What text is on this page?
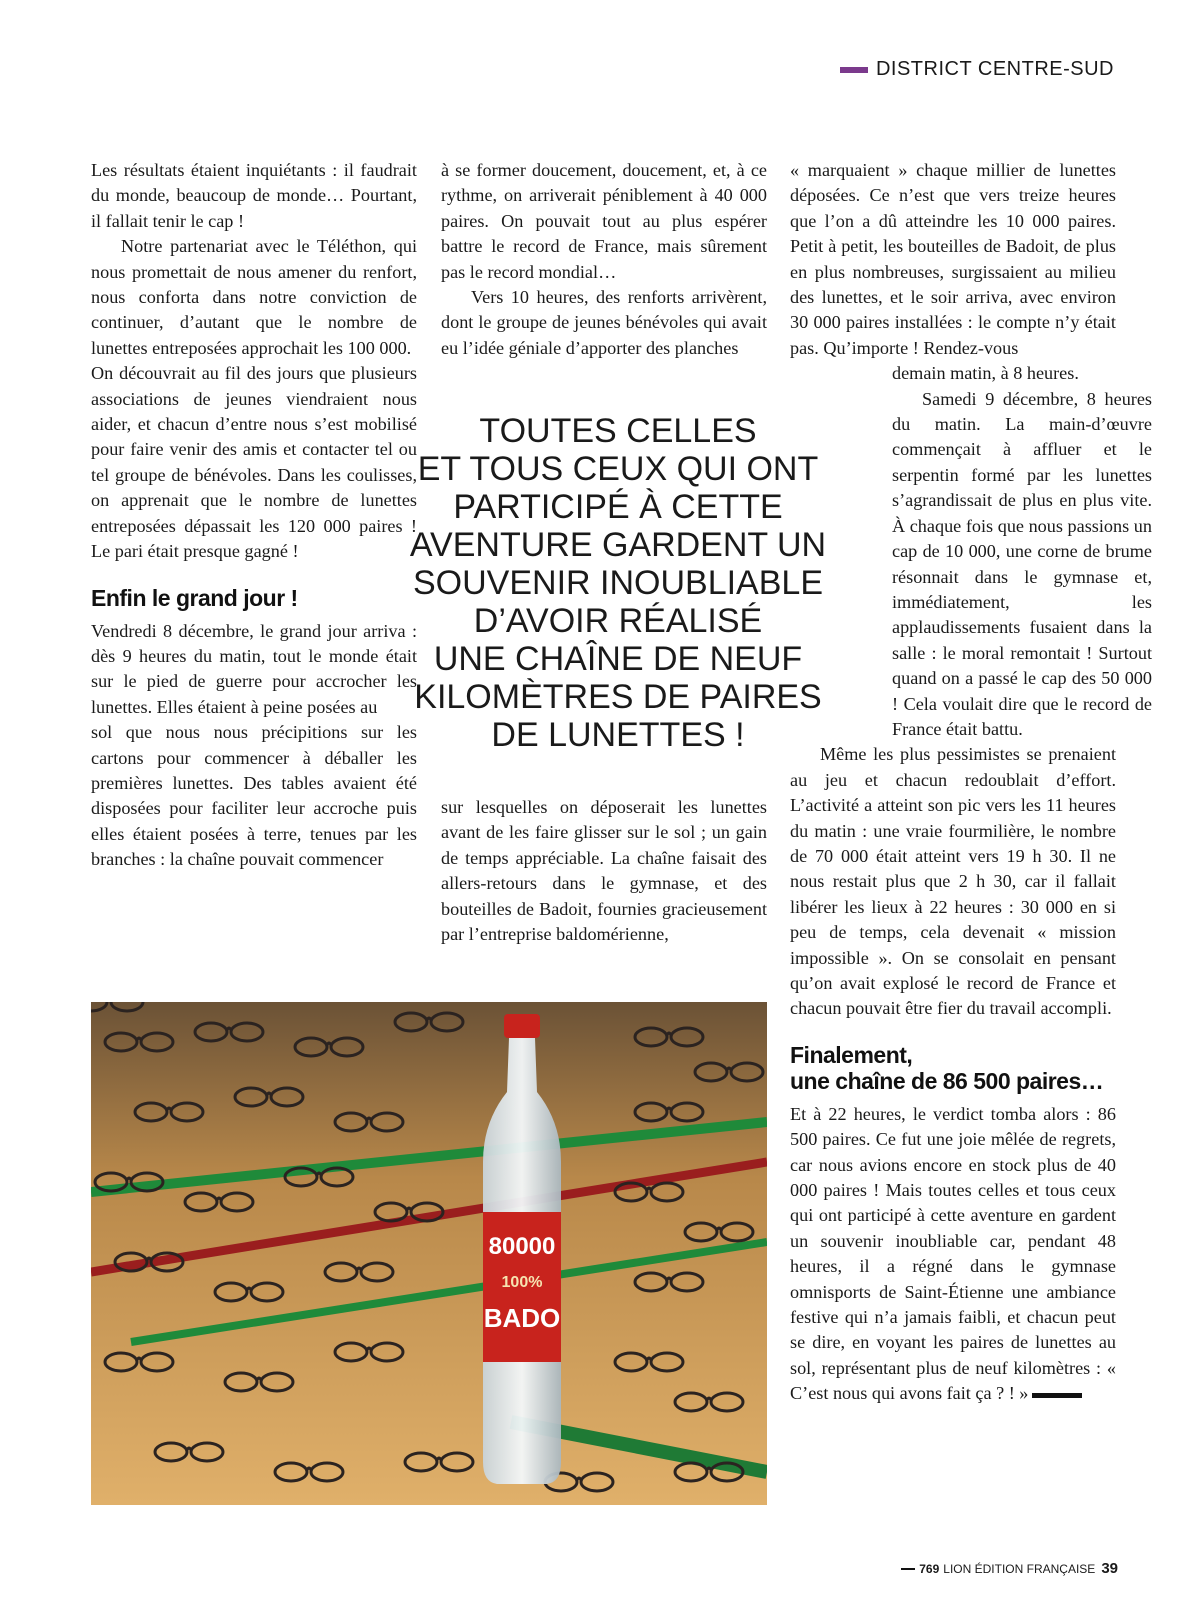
DISTRICT CENTRE-SUD

Les résultats étaient inquiétants : il faudrait du monde, beaucoup de monde… Pourtant, il fallait tenir le cap !

Notre partenariat avec le Téléthon, qui nous promettait de nous amener du renfort, nous conforta dans notre conviction de continuer, d’autant que le nombre de lunettes entreposées approchait les 100 000.

On découvrait au fil des jours que plusieurs associations de jeunes viendraient nous aider, et chacun d’entre nous s’est mobilisé pour faire venir des amis et contacter tel ou tel groupe de bénévoles. Dans les coulisses, on apprenait que le nombre de lunettes entreposées dépassait les 120 000 paires ! Le pari était presque gagné !

Enfin le grand jour !

Vendredi 8 décembre, le grand jour arriva : dès 9 heures du matin, tout le monde était sur le pied de guerre pour accrocher les lunettes. Elles étaient à peine posées au

sol que nous nous précipitions sur les cartons pour commencer à déballer les premières lunettes. Des tables avaient été disposées pour faciliter leur accroche puis elles étaient posées à terre, tenues par les branches : la chaîne pouvait commencer

à se former doucement, doucement, et, à ce rythme, on arriverait péniblement à 40 000 paires. On pouvait tout au plus espérer battre le record de France, mais sûrement pas le record mondial…

Vers 10 heures, des renforts arrivèrent, dont le groupe de jeunes bénévoles qui avait eu l’idée géniale d’apporter des planches

TOUTES CELLES
ET TOUS CEUX QUI ONT
PARTICIPÉ À CETTE
AVENTURE GARDENT UN
SOUVENIR INOUBLIABLE
D’AVOIR RÉALISÉ
UNE CHAÎNE DE NEUF
KILOMÈTRES DE PAIRES
DE LUNETTES !

sur lesquelles on déposerait les lunettes avant de les faire glisser sur le sol ; un gain de temps appréciable. La chaîne faisait des allers-retours dans le gymnase, et des bouteilles de Badoit, fournies gracieusement par l’entreprise baldomérienne,

« marquaient » chaque millier de lunettes déposées. Ce n’est que vers treize heures que l’on a dû atteindre les 10 000 paires. Petit à petit, les bouteilles de Badoit, de plus en plus nombreuses, surgissaient au milieu des lunettes, et le soir arriva, avec environ 30 000 paires installées : le compte n’y était pas. Qu’importe ! Rendez-vous

demain matin, à 8 heures.

Samedi 9 décembre, 8 heures du matin. La main-d’œuvre commençait à affluer et le serpentin formé par les lunettes s’agrandissait de plus en plus vite. À chaque fois que nous passions un cap de 10 000, une corne de brume résonnait dans le gymnase et, immédiatement, les applaudissements fusaient dans la salle : le moral remontait ! Surtout quand on a passé le cap des 50 000 ! Cela voulait dire que le record de France était battu.

Même les plus pessimistes se prenaient au jeu et chacun redoublait d’effort. L’activité a atteint son pic vers les 11 heures du matin : une vraie fourmilière, le nombre de 70 000 était atteint vers 19 h 30. Il ne nous restait plus que 2 h 30, car il fallait libérer les lieux à 22 heures : 30 000 en si peu de temps, cela devenait « mission impossible ». On se consolait en pensant qu’on avait explosé le record de France et chacun pouvait être fier du travail accompli.

Finalement,
une chaîne de 86 500 paires…

Et à 22 heures, le verdict tomba alors : 86 500 paires. Ce fut une joie mêlée de regrets, car nous avions encore en stock plus de 40 000 paires ! Mais toutes celles et tous ceux qui ont participé à cette aventure en gardent un souvenir inoubliable car, pendant 48 heures, il a régné dans le gymnase omnisports de Saint-Étienne une ambiance festive qui n’a jamais faibli, et chacun peut se dire, en voyant les paires de lunettes au sol, représentant plus de neuf kilomètres : « C’est nous qui avons fait ça ? ! »

80000
100%
BADO
769 LION ÉDITION FRANÇAISE 39
